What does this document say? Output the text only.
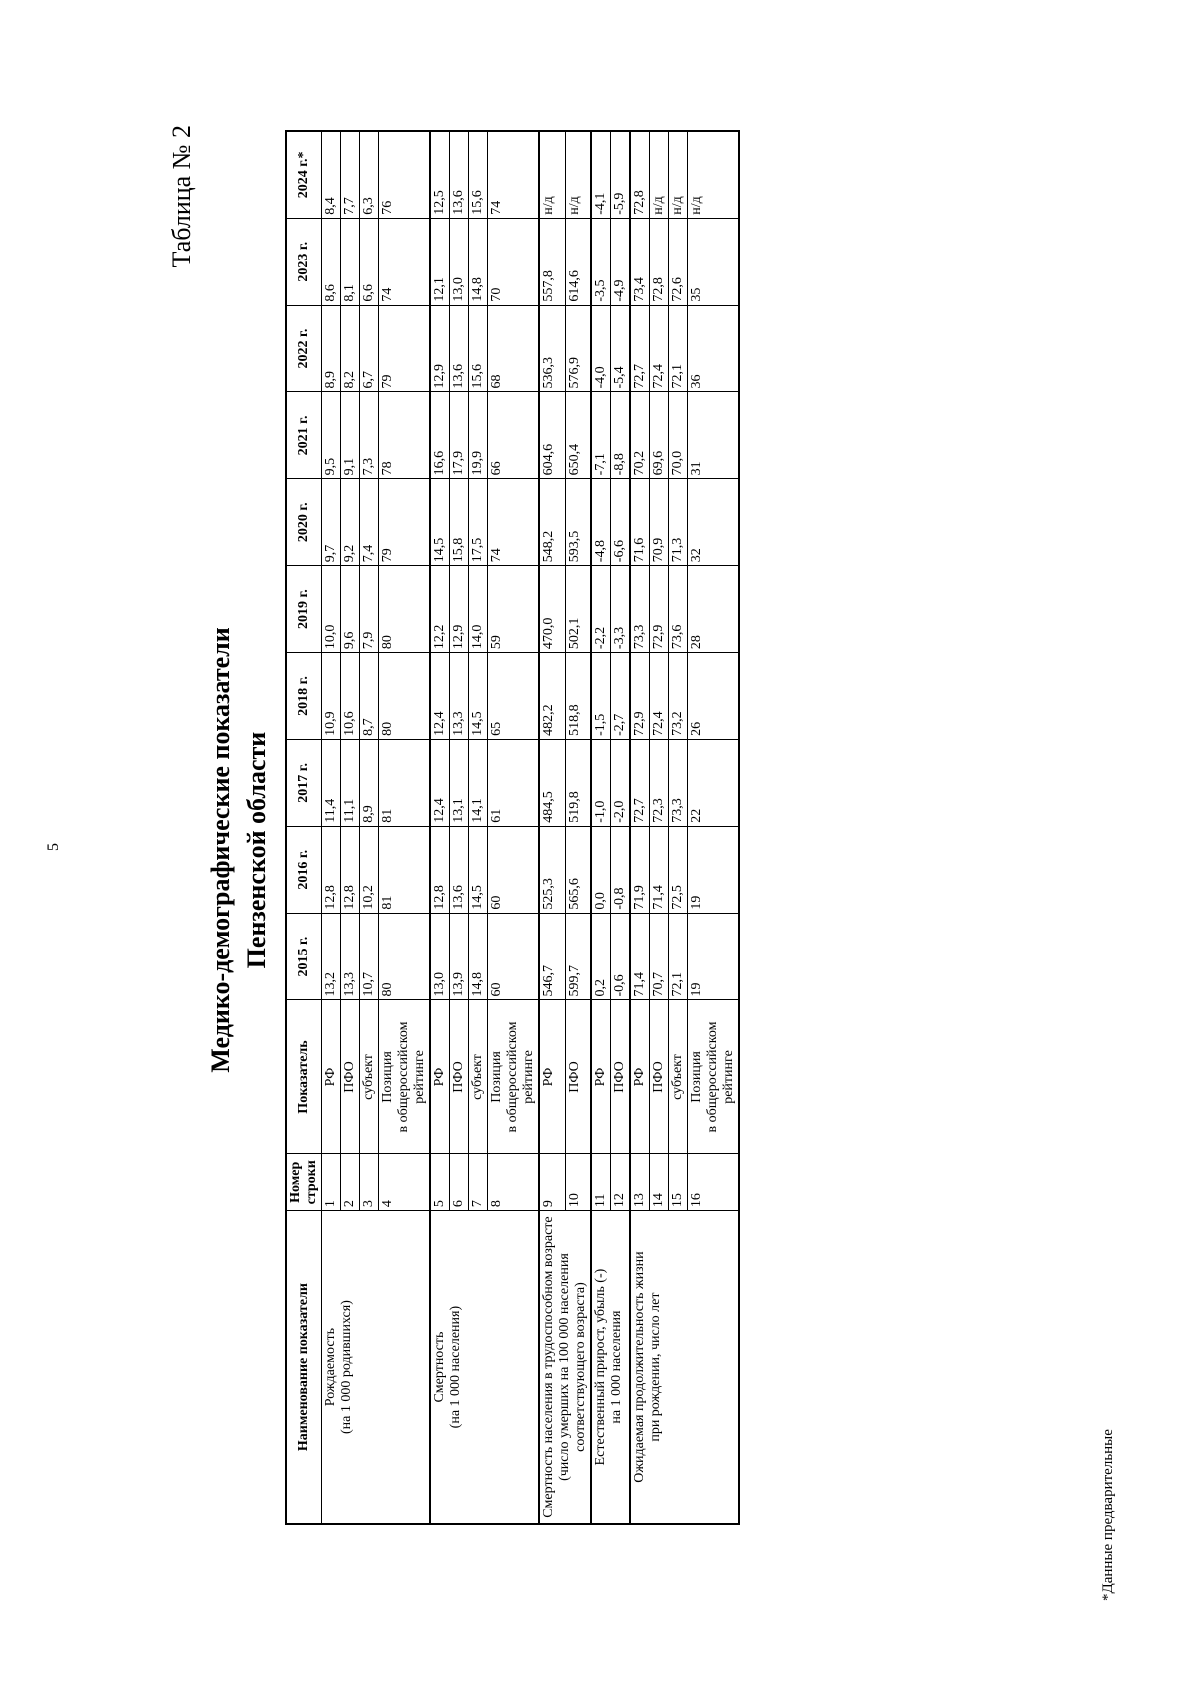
5
Таблица № 2
Медико-демографические показатели Пензенской области
Наименование показатели	Номер строки	Показатель	2015 г.	2016 г.	2017 г.	2018 г.	2019 г.	2020 г.	2021 г.	2022 г.	2023 г.	2024 г.*
Рождаемость
(на 1 000 родившихся)	1	РФ	13,2	12,8	11,4	10,9	10,0	9,7	9,5	8,9	8,6	8,4
	2	ПФО	13,3	12,8	11,1	10,6	9,6	9,2	9,1	8,2	8,1	7,7
	3	субъект	10,7	10,2	8,9	8,7	7,9	7,4	7,3	6,7	6,6	6,3
	4	Позиция
в общероссийском
рейтинге	80	81	81	80	80	79	78	79	74	76
Смертность
(на 1 000 населения)	5	РФ	13,0	12,8	12,4	12,4	12,2	14,5	16,6	12,9	12,1	12,5
	6	ПФО	13,9	13,6	13,1	13,3	12,9	15,8	17,9	13,6	13,0	13,6
	7	субъект	14,8	14,5	14,1	14,5	14,0	17,5	19,9	15,6	14,8	15,6
	8	Позиция
в общероссийском
рейтинге	60	60	61	65	59	74	66	68	70	74
Смертность населения в трудоспособном возрасте
(число умерших на 100 000 населения
соответствующего возраста)	9	РФ	546,7	525,3	484,5	482,2	470,0	548,2	604,6	536,3	557,8	н/д
	10	ПФО	599,7	565,6	519,8	518,8	502,1	593,5	650,4	576,9	614,6	н/д
Естественный прирост, убыль (-)
на 1 000 населения	11	РФ	0,2	0,0	-1,0	-1,5	-2,2	-4,8	-7,1	-4,0	-3,5	-4,1
	12	ПФО	-0,6	-0,8	-2,0	-2,7	-3,3	-6,6	-8,8	-5,4	-4,9	-5,9
Ожидаемая продолжительность жизни
при рождении, число лет	13	РФ	71,4	71,9	72,7	72,9	73,3	71,6	70,2	72,7	73,4	72,8
	14	ПФО	70,7	71,4	72,3	72,4	72,9	70,9	69,6	72,4	72,8	н/д
	15	субъект	72,1	72,5	73,3	73,2	73,6	71,3	70,0	72,1	72,6	н/д
	16	Позиция
в общероссийском
рейтинге	19	19	22	26	28	32	31	36	35	н/д
*Данные предварительные
